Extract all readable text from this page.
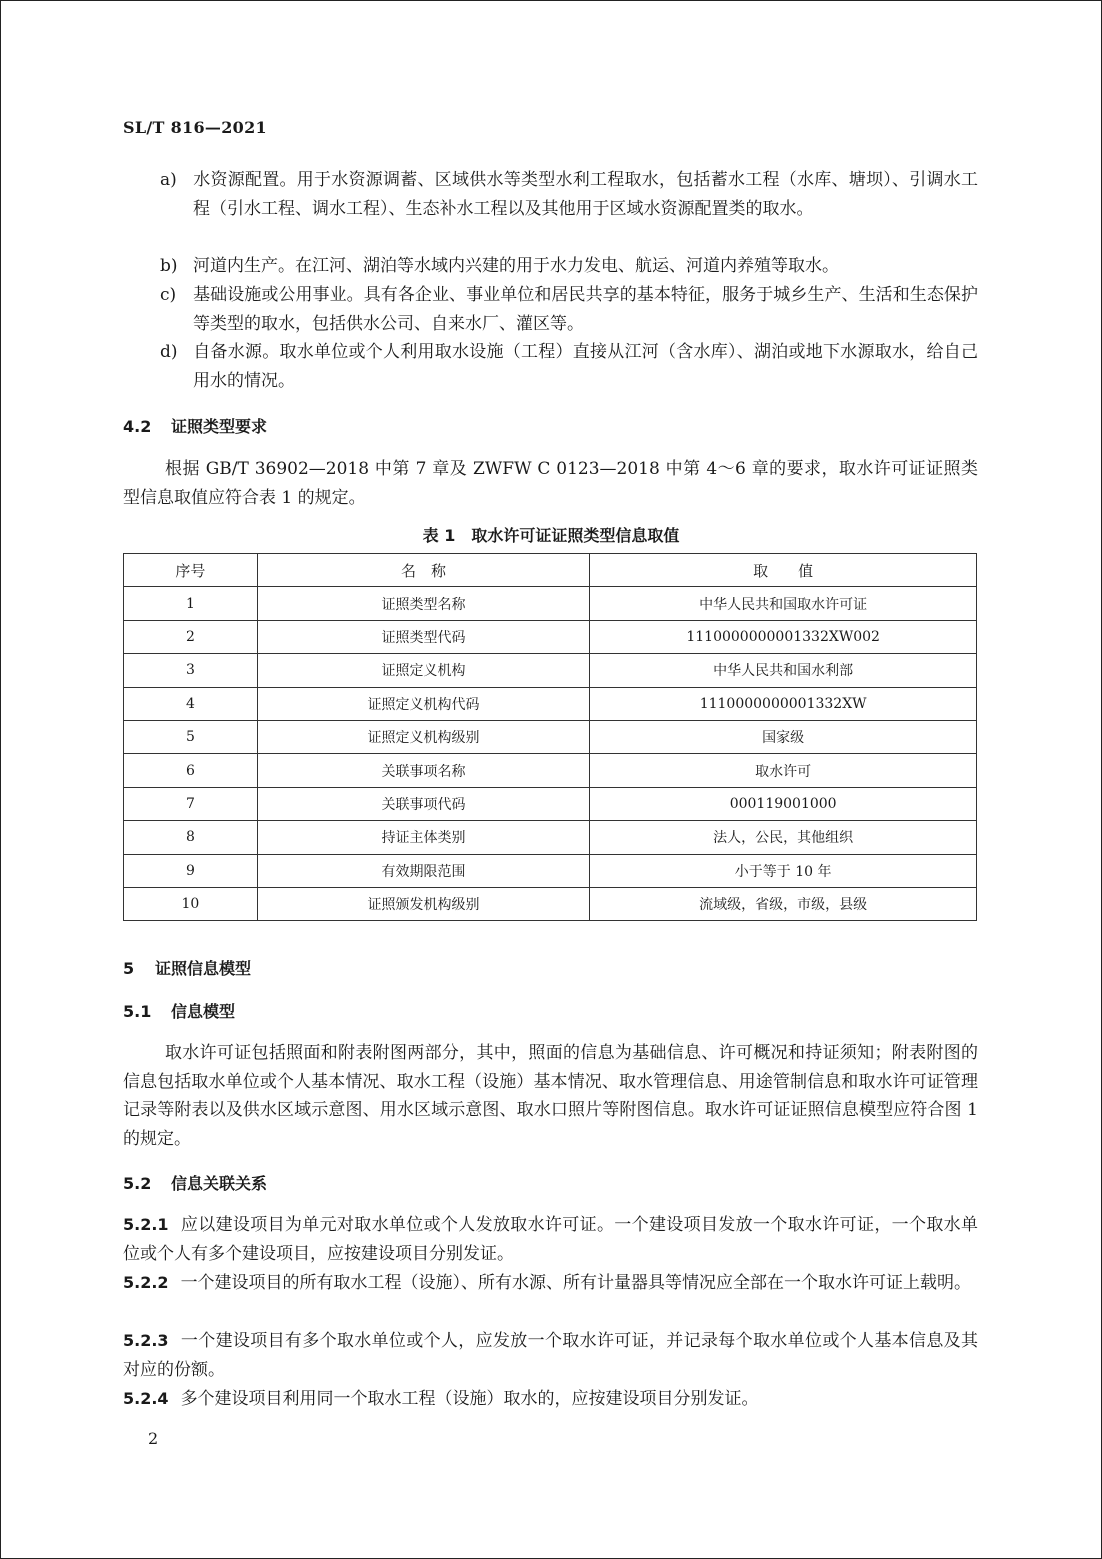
SL/T 816—2021
a) 水资源配置。用于水资源调蓄、区域供水等类型水利工程取水，包括蓄水工程（水库、塘坝）、引调水工程（引水工程、调水工程）、生态补水工程以及其他用于区域水资源配置类的取水。
b) 河道内生产。在江河、湖泊等水域内兴建的用于水力发电、航运、河道内养殖等取水。
c) 基础设施或公用事业。具有各企业、事业单位和居民共享的基本特征，服务于城乡生产、生活和生态保护等类型的取水，包括供水公司、自来水厂、灌区等。
d) 自备水源。取水单位或个人利用取水设施（工程）直接从江河（含水库）、湖泊或地下水源取水，给自己用水的情况。
4.2 证照类型要求
根据 GB/T 36902—2018 中第 7 章及 ZWFW C 0123—2018 中第 4～6 章的要求，取水许可证证照类型信息取值应符合表 1 的规定。
表 1　取水许可证证照类型信息取值
序号	名　称	取　　值
1	证照类型名称	中华人民共和国取水许可证
2	证照类型代码	1110000000001332XW002
3	证照定义机构	中华人民共和国水利部
4	证照定义机构代码	1110000000001332XW
5	证照定义机构级别	国家级
6	关联事项名称	取水许可
7	关联事项代码	000119001000
8	持证主体类别	法人，公民，其他组织
9	有效期限范围	小于等于 10 年
10	证照颁发机构级别	流域级，省级，市级，县级
5 证照信息模型
5.1 信息模型
取水许可证包括照面和附表附图两部分，其中，照面的信息为基础信息、许可概况和持证须知；附表附图的信息包括取水单位或个人基本情况、取水工程（设施）基本情况、取水管理信息、用途管制信息和取水许可证管理记录等附表以及供水区域示意图、用水区域示意图、取水口照片等附图信息。取水许可证证照信息模型应符合图 1 的规定。
5.2 信息关联关系
5.2.1 应以建设项目为单元对取水单位或个人发放取水许可证。一个建设项目发放一个取水许可证，一个取水单位或个人有多个建设项目，应按建设项目分别发证。
5.2.2 一个建设项目的所有取水工程（设施）、所有水源、所有计量器具等情况应全部在一个取水许可证上载明。
5.2.3 一个建设项目有多个取水单位或个人，应发放一个取水许可证，并记录每个取水单位或个人基本信息及其对应的份额。
5.2.4 多个建设项目利用同一个取水工程（设施）取水的，应按建设项目分别发证。
2
